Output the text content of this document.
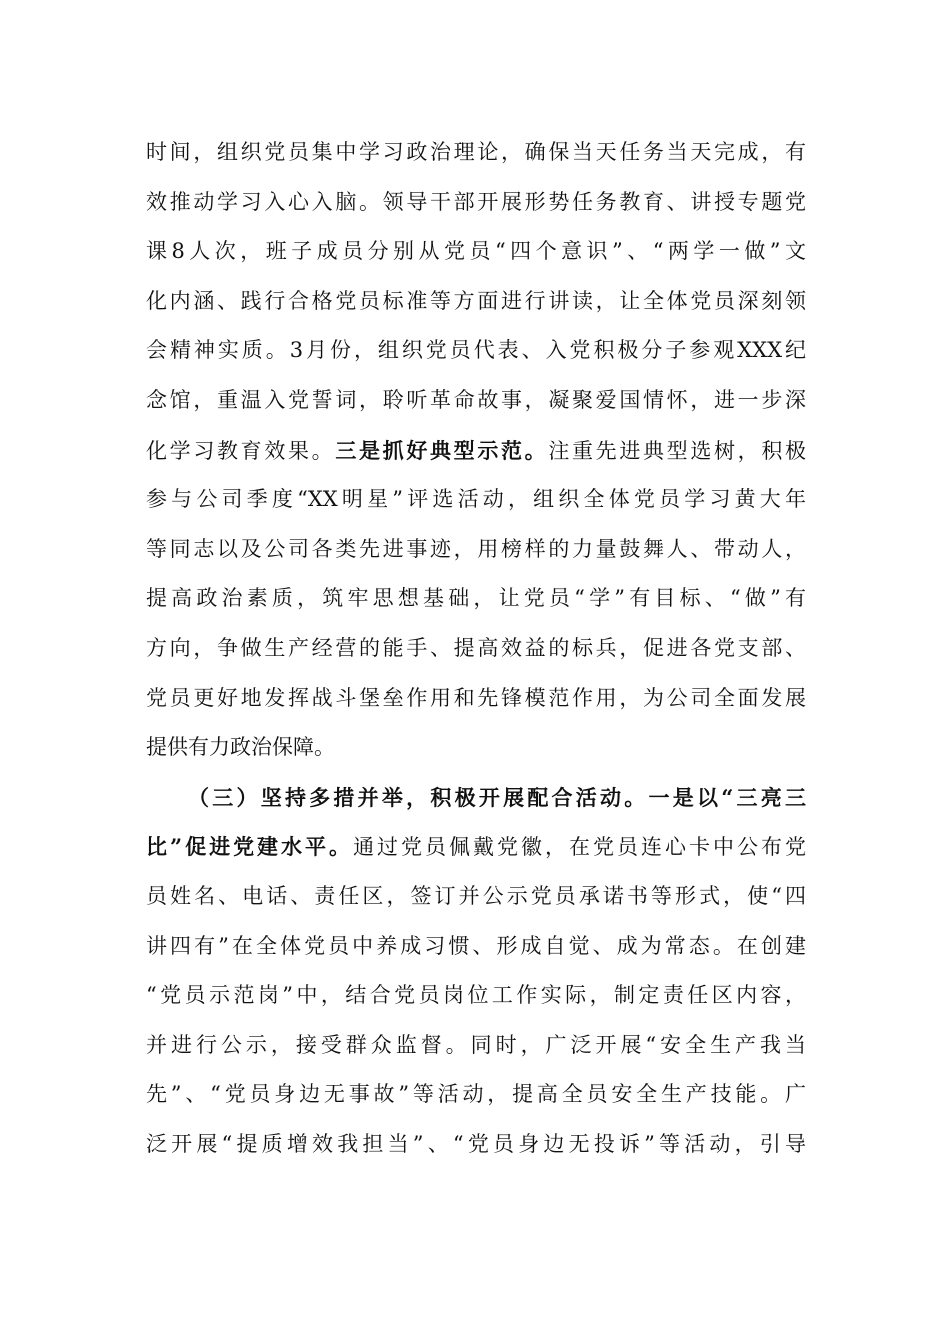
时间，组织党员集中学习政治理论，确保当天任务当天完成，有
效推动学习入心入脑。领导干部开展形势任务教育、讲授专题党
课8人次，班子成员分别从党员“四个意识”、“两学一做”文
化内涵、践行合格党员标准等方面进行讲读，让全体党员深刻领
会精神实质。3月份，组织党员代表、入党积极分子参观XXX纪
念馆，重温入党誓词，聆听革命故事，凝聚爱国情怀，进一步深
化学习教育效果。三是抓好典型示范。注重先进典型选树，积极
参与公司季度“XX明星”评选活动，组织全体党员学习黄大年
等同志以及公司各类先进事迹，用榜样的力量鼓舞人、带动人，
提高政治素质，筑牢思想基础，让党员“学”有目标、“做”有
方向，争做生产经营的能手、提高效益的标兵，促进各党支部、
党员更好地发挥战斗堡垒作用和先锋模范作用，为公司全面发展
提供有力政治保障。
（三）坚持多措并举，积极开展配合活动。一是以“三亮三
比”促进党建水平。通过党员佩戴党徽，在党员连心卡中公布党
员姓名、电话、责任区，签订并公示党员承诺书等形式，使“四
讲四有”在全体党员中养成习惯、形成自觉、成为常态。在创建
“党员示范岗”中，结合党员岗位工作实际，制定责任区内容，
并进行公示，接受群众监督。同时，广泛开展“安全生产我当
先”、“党员身边无事故”等活动，提高全员安全生产技能。广
泛开展“提质增效我担当”、“党员身边无投诉”等活动，引导
